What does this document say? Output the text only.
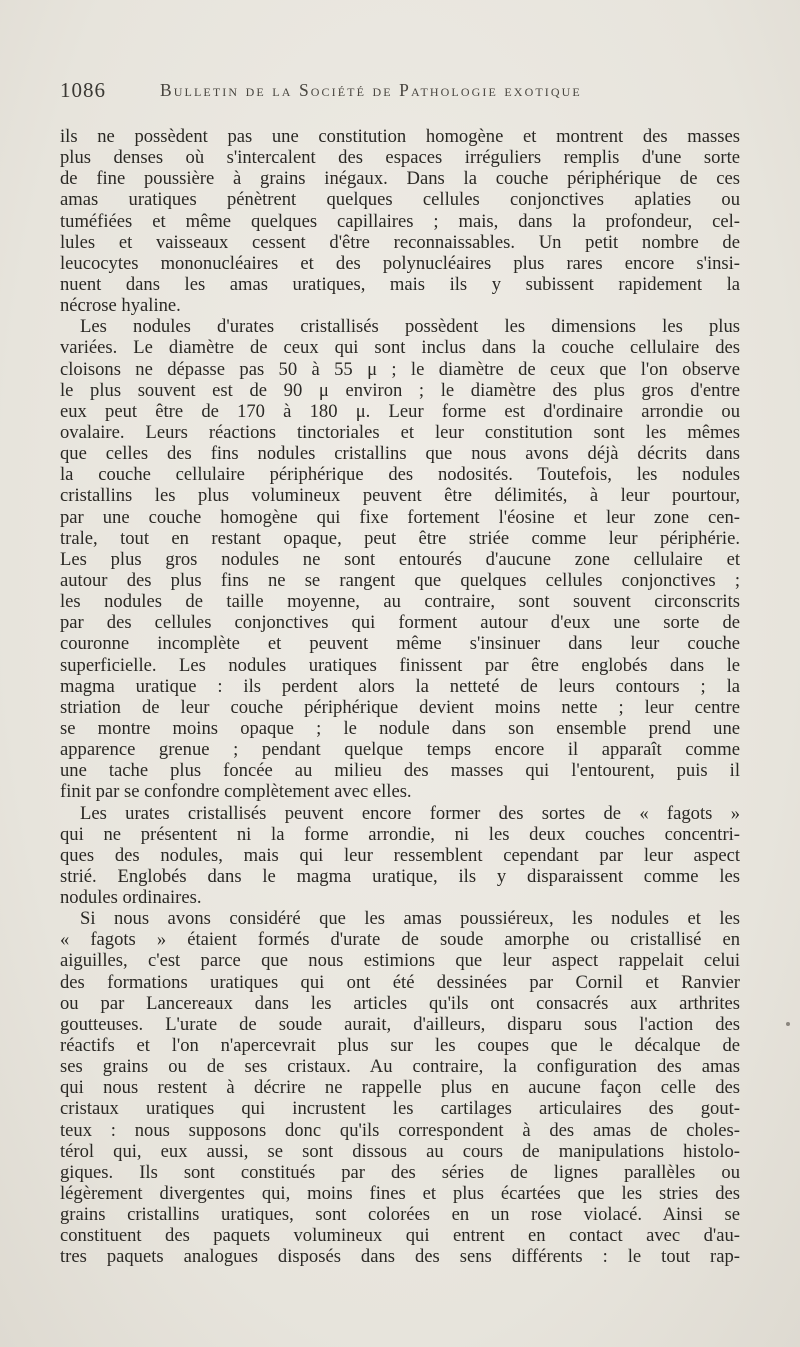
1086	Bulletin de la Société de Pathologie exotique
ils ne possèdent pas une constitution homogène et montrent des masses
plus denses où s'intercalent des espaces irréguliers remplis d'une sorte
de fine poussière à grains inégaux. Dans la couche périphérique de ces
amas uratiques pénètrent quelques cellules conjonctives aplaties ou
tuméfiées et même quelques capillaires ; mais, dans la profondeur, cel-
lules et vaisseaux cessent d'être reconnaissables. Un petit nombre de
leucocytes mononucléaires et des polynucléaires plus rares encore s'insi-
nuent dans les amas uratiques, mais ils y subissent rapidement la
nécrose hyaline.
Les nodules d'urates cristallisés possèdent les dimensions les plus
variées. Le diamètre de ceux qui sont inclus dans la couche cellulaire des
cloisons ne dépasse pas 50 à 55 μ ; le diamètre de ceux que l'on observe
le plus souvent est de 90 μ environ ; le diamètre des plus gros d'entre
eux peut être de 170 à 180 μ. Leur forme est d'ordinaire arrondie ou
ovalaire. Leurs réactions tinctoriales et leur constitution sont les mêmes
que celles des fins nodules cristallins que nous avons déjà décrits dans
la couche cellulaire périphérique des nodosités. Toutefois, les nodules
cristallins les plus volumineux peuvent être délimités, à leur pourtour,
par une couche homogène qui fixe fortement l'éosine et leur zone cen-
trale, tout en restant opaque, peut être striée comme leur périphérie.
Les plus gros nodules ne sont entourés d'aucune zone cellulaire et
autour des plus fins ne se rangent que quelques cellules conjonctives ;
les nodules de taille moyenne, au contraire, sont souvent circonscrits
par des cellules conjonctives qui forment autour d'eux une sorte de
couronne incomplète et peuvent même s'insinuer dans leur couche
superficielle. Les nodules uratiques finissent par être englobés dans le
magma uratique : ils perdent alors la netteté de leurs contours ; la
striation de leur couche périphérique devient moins nette ; leur centre
se montre moins opaque ; le nodule dans son ensemble prend une
apparence grenue ; pendant quelque temps encore il apparaît comme
une tache plus foncée au milieu des masses qui l'entourent, puis il
finit par se confondre complètement avec elles.
Les urates cristallisés peuvent encore former des sortes de « fagots »
qui ne présentent ni la forme arrondie, ni les deux couches concentri-
ques des nodules, mais qui leur ressemblent cependant par leur aspect
strié. Englobés dans le magma uratique, ils y disparaissent comme les
nodules ordinaires.
Si nous avons considéré que les amas poussiéreux, les nodules et les
« fagots » étaient formés d'urate de soude amorphe ou cristallisé en
aiguilles, c'est parce que nous estimions que leur aspect rappelait celui
des formations uratiques qui ont été dessinées par Cornil et Ranvier
ou par Lancereaux dans les articles qu'ils ont consacrés aux arthrites
goutteuses. L'urate de soude aurait, d'ailleurs, disparu sous l'action des
réactifs et l'on n'apercevrait plus sur les coupes que le décalque de
ses grains ou de ses cristaux. Au contraire, la configuration des amas
qui nous restent à décrire ne rappelle plus en aucune façon celle des
cristaux uratiques qui incrustent les cartilages articulaires des gout-
teux : nous supposons donc qu'ils correspondent à des amas de choles-
térol qui, eux aussi, se sont dissous au cours de manipulations histolo-
giques. Ils sont constitués par des séries de lignes parallèles ou
légèrement divergentes qui, moins fines et plus écartées que les stries des
grains cristallins uratiques, sont colorées en un rose violacé. Ainsi se
constituent des paquets volumineux qui entrent en contact avec d'au-
tres paquets analogues disposés dans des sens différents : le tout rap-
